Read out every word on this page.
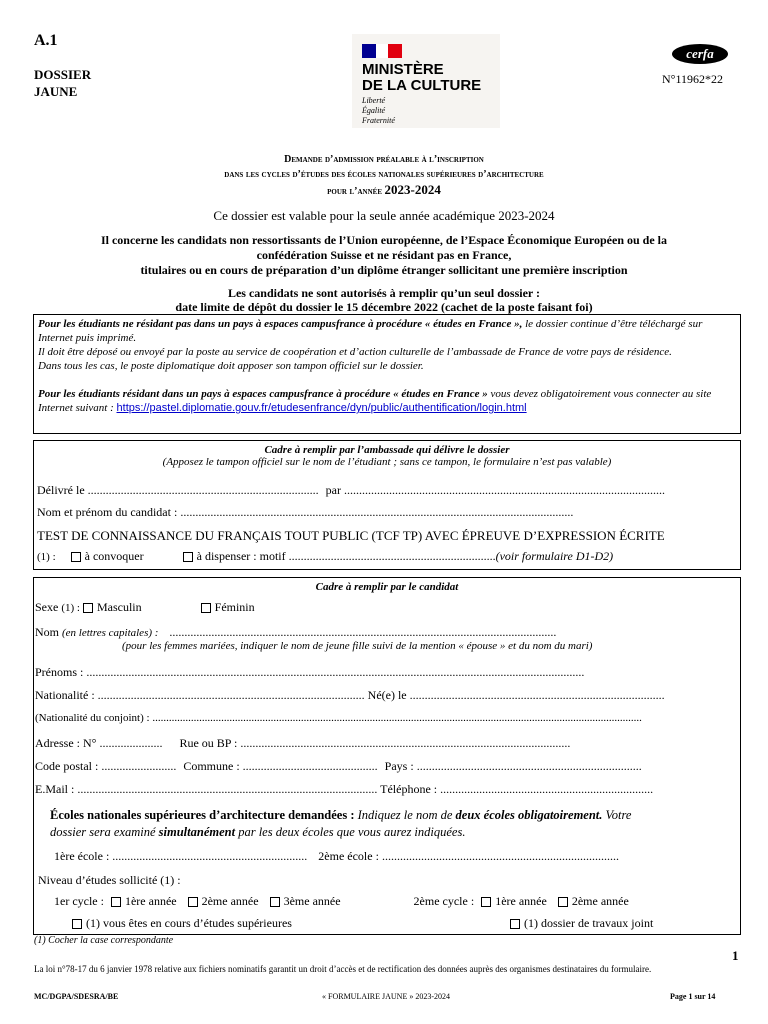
A.1
DOSSIER
JAUNE
MINISTÈRE
DE LA CULTURE
Liberté
Égalité
Fraternité
cerfa
N°11962*22
Demande d’admission préalable à l’inscription
dans les cycles d’études des écoles nationales supérieures d’architecture
pour l’année 2023-2024
Ce dossier est valable pour la seule année académique 2023-2024
Il concerne les candidats non ressortissants de l’Union européenne, de l’Espace Économique Européen ou de la
confédération Suisse et ne résidant pas en France,
titulaires ou en cours de préparation d’un diplôme étranger sollicitant une première inscription
Les candidats ne sont autorisés à remplir qu’un seul dossier :
date limite de dépôt du dossier le 15 décembre 2022 (cachet de la poste faisant foi)
Pour les étudiants ne résidant pas dans un pays à espaces campusfrance à procédure « études en France », le dossier continue d’être téléchargé sur Internet puis imprimé.
Il doit être déposé ou envoyé par la poste au service de coopération et d’action culturelle de l’ambassade de France de votre pays de résidence.
Dans tous les cas, le poste diplomatique doit apposer son tampon officiel sur le dossier.
Pour les étudiants résidant dans un pays à espaces campusfrance à procédure « études en France » vous devez obligatoirement vous connecter au site Internet suivant : https://pastel.diplomatie.gouv.fr/etudesenfrance/dyn/public/authentification/login.html
Cadre à remplir par l’ambassade qui délivre le dossier
(Apposez le tampon officiel sur le nom de l’étudiant ; sans ce tampon, le formulaire n’est pas valable)
Délivré le ............................................................................. par ...........................................................................................................
Nom et prénom du candidat : ...................................................................................................................................
TEST DE CONNAISSANCE DU FRANÇAIS TOUT PUBLIC (TCF TP) AVEC ÉPREUVE D’EXPRESSION ÉCRITE
(1) : à convoquer	à dispenser : motif .....................................................................(voir formulaire D1-D2)
Cadre à remplir par le candidat
Sexe (1) : Masculin	Féminin
Nom (en lettres capitales) : .................................................................................................................................
(pour les femmes mariées, indiquer le nom de jeune fille suivi de la mention « épouse » et du nom du mari)
Prénoms : ......................................................................................................................................................................
Nationalité : ......................................................................................... Né(e) le .....................................................................................
(Nationalité du conjoint) : ..................................................................................................................................................................................
Adresse : N° ..................... Rue ou BP : ..............................................................................................................
Code postal : ......................... Commune : ............................................. Pays : ...........................................................................
E.Mail : .................................................................................................... Téléphone : .......................................................................
Écoles nationales supérieures d’architecture demandées : Indiquez le nom de deux écoles obligatoirement. Votre
dossier sera examiné simultanément par les deux écoles que vous aurez indiquées.
1ère école : ................................................................. 2ème école : ...............................................................................
Niveau d’études sollicité (1) :
1er cycle : 1ère année 2ème année 3ème année	2ème cycle : 1ère année 2ème année
(1) vous êtes en cours d’études supérieures	(1) dossier de travaux joint
(1) Cocher la case correspondante
1
La loi n°78-17 du 6 janvier 1978 relative aux fichiers nominatifs garantit un droit d’accès et de rectification des données auprès des organismes destinataires du formulaire.
MC/DGPA/SDESRA/BE	« FORMULAIRE JAUNE » 2023-2024	Page 1 sur 14
